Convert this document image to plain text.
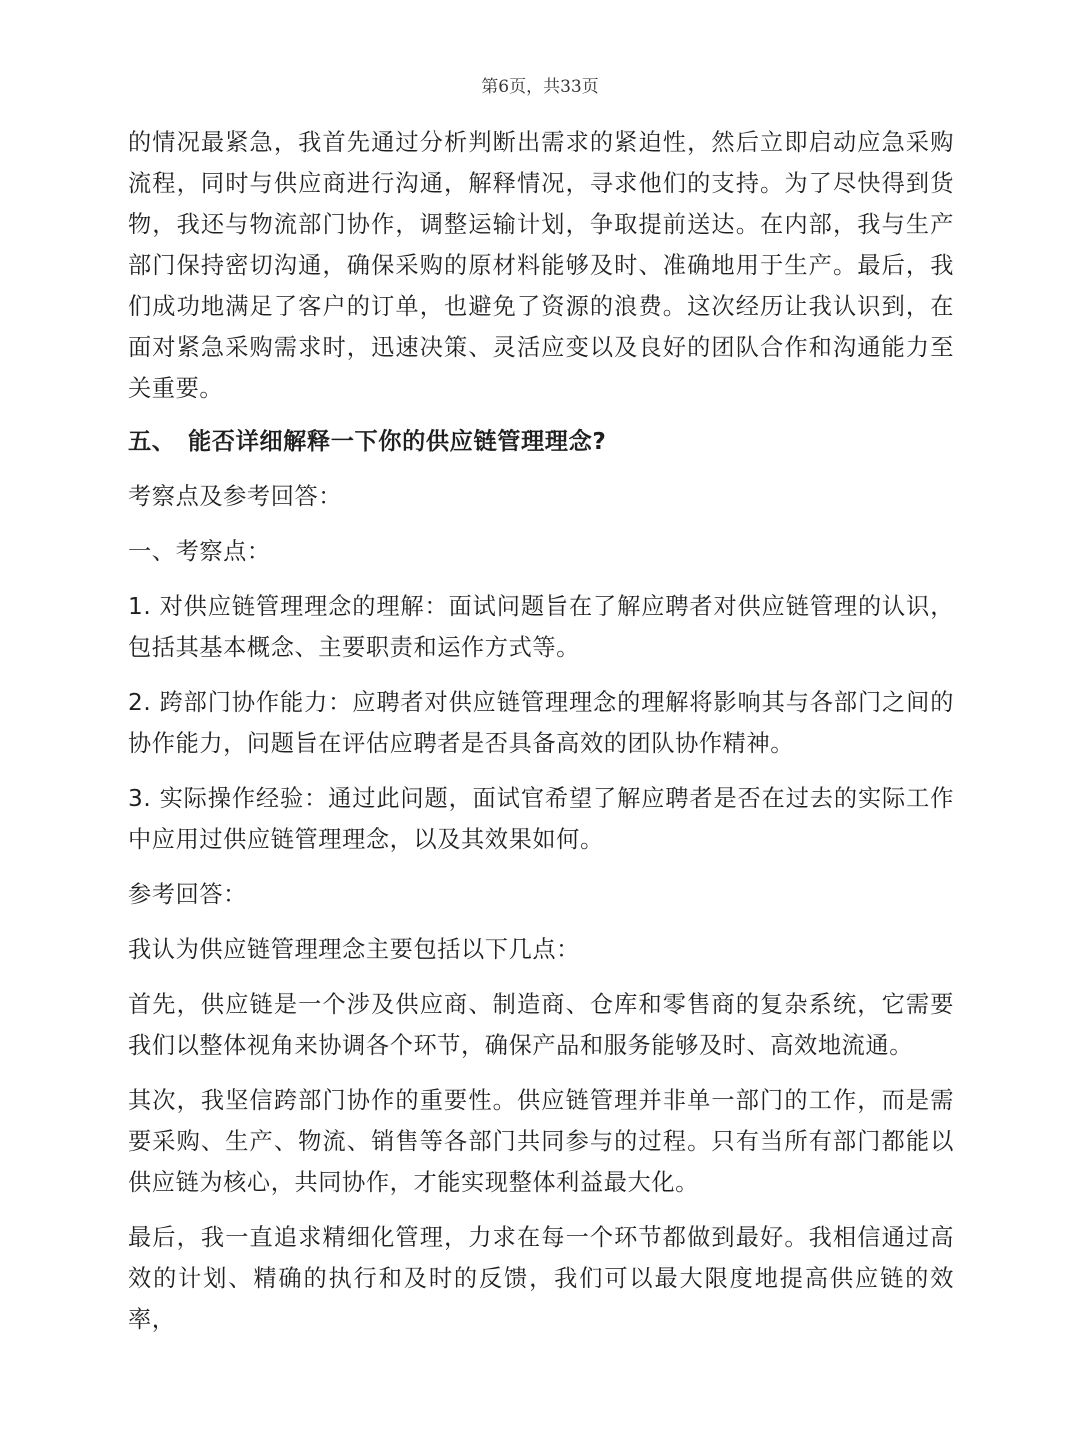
第6页，共33页

的情况最紧急，我首先通过分析判断出需求的紧迫性，然后立即启动应急采购流程，同时与供应商进行沟通，解释情况，寻求他们的支持。为了尽快得到货物，我还与物流部门协作，调整运输计划，争取提前送达。在内部，我与生产部门保持密切沟通，确保采购的原材料能够及时、准确地用于生产。最后，我们成功地满足了客户的订单，也避免了资源的浪费。这次经历让我认识到，在面对紧急采购需求时，迅速决策、灵活应变以及良好的团队合作和沟通能力至关重要。

五、 能否详细解释一下你的供应链管理理念?

考察点及参考回答：

一、考察点：

1. 对供应链管理理念的理解：面试问题旨在了解应聘者对供应链管理的认识，包括其基本概念、主要职责和运作方式等。

2. 跨部门协作能力：应聘者对供应链管理理念的理解将影响其与各部门之间的协作能力，问题旨在评估应聘者是否具备高效的团队协作精神。

3. 实际操作经验：通过此问题，面试官希望了解应聘者是否在过去的实际工作中应用过供应链管理理念，以及其效果如何。

参考回答：

我认为供应链管理理念主要包括以下几点：

首先，供应链是一个涉及供应商、制造商、仓库和零售商的复杂系统，它需要我们以整体视角来协调各个环节，确保产品和服务能够及时、高效地流通。

其次，我坚信跨部门协作的重要性。供应链管理并非单一部门的工作，而是需要采购、生产、物流、销售等各部门共同参与的过程。只有当所有部门都能以供应链为核心，共同协作，才能实现整体利益最大化。

最后，我一直追求精细化管理，力求在每一个环节都做到最好。我相信通过高效的计划、精确的执行和及时的反馈，我们可以最大限度地提高供应链的效率，
